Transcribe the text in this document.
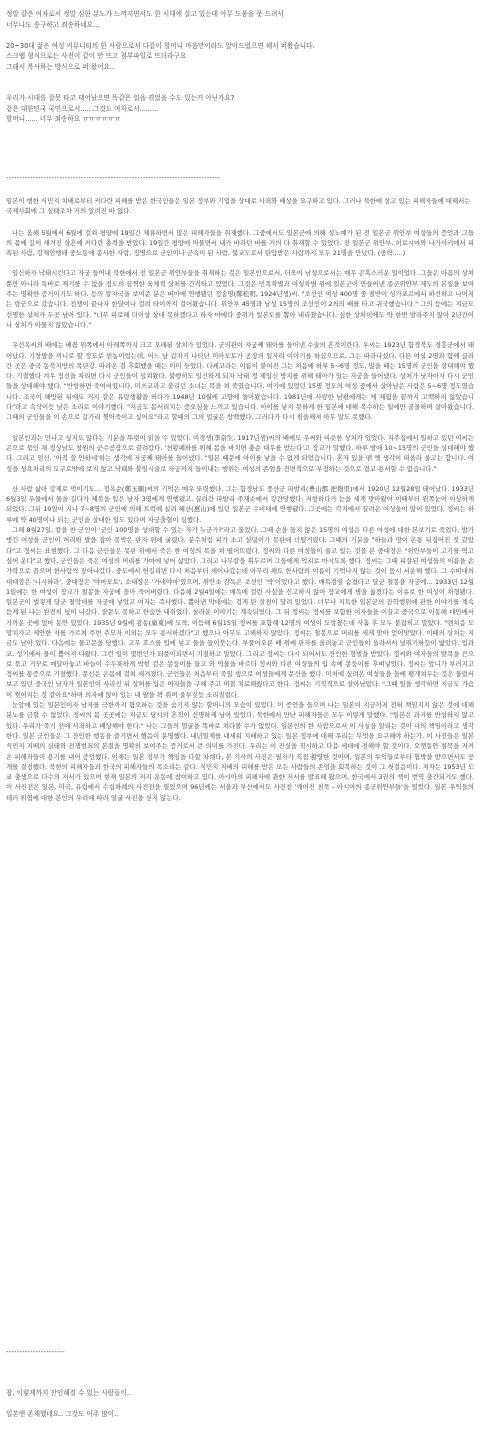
정말 같은 여자로서 정말 심한 분노가 느껴지면서도 한 시대에 살고 있는데 아무 도움을 못 드려서

너무나도 송구하고 죄송하네요...

20~30대 젊은 여성 커뮤니티의 한 사람으로서 다같이 할머니 마음만이라도 알아드렸으면 해서 퍼왔습니다.

스크랩 형식으로는 사진이 같이 안 뜨고 첨부파일로 뜨더라구요

그래서 복사하는 방식으로 퍼 왔어요..

우리가 시대를 잘못 타고 태어났으면 똑같은 일을 겪었을 수도 있는거 아닌가요?

같은 대한민국 국민으로서..... 그것도 여자로서.........

할머니...... 너무 죄송하요 ㅠㅠㅠㅠㅠㅠ

--------------------------------------------------------------------------------

일본이 행한 식민지 치배로부터 커다란 피해를 받은 한국인들은 일본 정부와 기업을 상대로 사죄와 배상을 요구하고 있다. 그러나 북한에 살고 있는 피해자들에 대해서는 국제사회에 그 실태조차 거의 알려진 바 없다.

나는 올해 5월에서 6월에 걸쳐 평양에 19일간 체류하면서 많은 피해자들을 취재했다. 그중에서도 일본군에 의해 성노예가 된 전 일본군 위안부 여성들의 증언과 그들의 몸에 깊이 새겨진 상흔에 커다란 충격을 받았다. 19일간 평양에 머물면서 내가 바라던 바를 거의 다 취재할 수 있었다. 전 일본군 위안부, 히로시마와 나가사키에서 피폭된 사람, 강제연행돼 중노동에 종사한 사람, 징병으로 군인이나 군속이 된 사람, 불교도로서 탄압받은 사람까지 모두 21명을 만났다. (중략.....)

임신하자 낙태시킨다고 자궁 들어내 북한에서 전 일본군 위안부들을 취재하는 것은 일본인으로서, 더욱이 남성으로서는 매우 곤혹스러운 일이었다. 그들은 아픔의 상처뿐만 아니라 특바로 재거를 수 없을 정도의 끔찍한 육체적 상처를 간직하고 있었다. 그것은 민족차별과 여성차별 위에 일본군이 만들어낸 종군위안부 제도의 본질을 보여주는 명확한 증거이기도 하다. 등의 칼자국을 보여준 분은 버마에 연행됐던 정송명(鄭松明, 1924년생)씨. "조선인 여성 400명 중 절반이 싱가포르에서 하선하고 나머지는 랑군으로 갔습니다. 전쟁이 끝나자 한달이나 걸려 타이까지 걸어왔습니다. 위안부 45명과 남성 15명의 조선인이 2척의 배를 타고 귀국했습니다." 그의 등에는 지금도 선명한 상처가 두곳 남아 있다. "너무 피로해 더이상 상대 못하겠다고 하자 마에다 중위가 일본도를 뽑아 내리쳤습니다. 심한 상처이에도 약 한번 발라주지 않아 2년간이나 상처가 아물지 않았습니다."

우선옥씨의 배에는 배꼽 위쪽에서 아래쪽까지 크고 오래된 상처가 있었다. 군의관이 자궁째 태아를 들어낸 수술의 흔적이란다. 우씨는 1923년 함경북도 경흥군에서 태어났다. 기창발을 끼니로 할 정도로 빈농이었는데, 어느 날 갑자기 나타난 미아모토가 공장의 일자리 이야기를 하셨으므로, 그는 따라나섰다. 다른 여성 2명과 함께 끌려간 곳은 중국 동북지방의 목단강. 따라온 걸 후회했을 때는 이미 늦었다. 다케코라는 이름이 붙여진 그는 처음에 하루 5~6명 정도, 많을 때는 15명의 군인을 상대해야 했다. 기절했다 겨우 정신을 차리면 다시 군인들이 덮쳐왔다. 불행히도 임신하게 되자 낙태 경 제임신 방지를 위해 태아가 있는 자궁을 들어냈다. 상처가 낫자마자 다시 군인들을 상대해야 했다. "반항하면 죽여버렸니다. 미쓰코라고 불리던 소녀는 목을 쳐 죽였습니다. 여기에 있었던 15명 정도의 여성 중에서 살아남은 사람은 5~6명 정도였습니다. 조국이 해방된 뒤에도 거지 같은 유랑생활을 하다가 1948년 10월에 고향에 돌아왔습니다. 1981년에 사랑한 남편에게는 제 체험을 끝까지 고백하지 않았습니다"라고 속삭이듯 낮은 소리로 이야기했다. "지금도 몸서리치는 증오심을 느끼고 있습니다. 아이를 낳지 못하게 한 일본에 대해 복수하는 일에만 골몰하며 살아왔습니다. 그때의 군인들을 이 손으로 갈가리 찢어죽이고 싶어요"라고 할때의 그의 얼굴은 창백했다. 그러다가 다시 침울해져 아무 말도 못했다.

일본인과는 만나고 싶지도 않다는 기분을 뚜렷이 읽을 수 있었다. 이경생(李京生, 1917년생)씨의 배에도 우씨와 비슷한 상처가 있었다. 지주집에서 일하고 있던 이씨는 곤으로 묶인 채 경상남도 창원의 군수공장으로 끌려갔다. '천황폐하를 위해 몸을 바치면 충순 대우를 받는다'고 장교가 말했다. 하루 밤에 10~15명의 군인을 상대해야 했다. 그리고 임신. '아직 쓸 만하네'하는 생각에 자궁째 태아를 들어냈다. "일본 때문에 아이를 낳을 수 없게 되었습니다. 혼자 있을 땐 옛 생각이 떠올라 울고는 합니다. 여성을 성욕처리의 도구로밖에 보지 않고 낙태와 불임시술로 자궁까지 들어내는 행위는 여성의 존엄을 전면적으로 부정하는 것으로 결코 용서할 수 없습니다."

산 사람 삶아 강제로 먹이기도… 정옥순(鄭玉順)씨의 기억은 매우 또렷했다. 그는 함경남도 풍산군 파발리(豊山郡 把撥里)에서 1920년 12월28일 태어났다. 1933년 6월3일 우물에서 물을 길다가 제복을 입은 남자 3명에게 연행됐고, 끌려간 파발리 주재소에서 강간당했다. 저항하다가 눈을 세게 맞아왔어 이때부터 왼쪽눈이 이상하게 되었다. 그뒤 10일이 지나 7~8명의 군인에 의해 트럭에 실려 혜산(惠山)에 있던 일본군 수비대에 연행됐다. 그곳에는 각지에서 끌려온 여성들이 많이 있었다. 정씨는 하루에 약 40명이나 되는 군인을 상대한 일도 있다며 자궁출혈이 심했다.

그해 8월27일, 칼을 찬 군인이 '군인 100명을 상대할 수 있는 자가 누군가?'라고 물었다. 그때 손을 들지 않은 15명의 여성은 다른 여성에 대한 본보기로 죽었다. 발가벗긴 여성을 군인이 머리와 발을 잡아 못박은 판자 위에 굴렸다. 분수처럼 피가 소고 살덩이가 못판에 너덜거렸다. 그때의 기분을 "하늘과 땅이 온통 뒤집어진 것 같았다"고 정씨는 표현했다. 그 다음 군인들은 못판 위에서 죽은 한 여성의 목을 쳐 떨어뜨렸다. 정씨와 다른 여성들이 울고 있는 것을 본 중대장은 "위안부들이 고기를 먹고 싶어 운다"고 했다. 군인들은 죽은 여성의 머리를 가마에 넣어 삶았다. 그리고 나무칼을 휘두르며 그들에게 억지로 마시도록 했다. 정씨는 그때 피살된 여성들의 이름을 손가락으로 꼽으며 한사람씩 짚어나갔다. 중도에서 헌길리면 다시 처음부터 세어나갔는데 아무리 해도 한사람의 이름이 기억나지 않는 것이 몹시 서운해 했다. 그 수비대의 대대장은 '니시하라', 중대장은 '야마모토', 소대장은 '가네야마'였으며, 위안소 감독은 조선인 '박'이었다고 했다. 매독검열 숨겼다고 달군 철봉을 자궁에… 1933년 12월1일에는 한 여성이 장교가 철봉을 자궁에 꽂아 죽어버렸다. 다음해 2월4일에는 매독에 걸린 사실을 신고하지 않아 장교에게 병을 옮겼다는 이유로 한 여성이 처형됐다. 일본군이 벌겋게 달군 철막대를 자궁에 넣었고 여자는 즉사했다. 뽑아낸 막대에는 검게 탄 살점이 달려 있었다. 너무나 지독한 일본군의 잔학행위에 관한 이야기를 계속 듣게 된 나는 완전히 넋이 나갔다. 잘문도 못하고 한숨만 내쉬었다. 놀라운 이야기는 계속되었다. 그 뒤 정씨는 정씨를 포함한 여자들을 이끌고 중국으로 이동해 대만에서 가까운 곳에 얼마 동안 있었다. 1935년 9월에 광동(廣東)에 도착, 이듬해 6월15일 정씨를 포함해 12명의 여성이 도망쳤는데 사흘 후 모두 붙잡히고 말았다. "맨처음 도망치자고 제안한 자를 가르쳐 주면 주모자 이외는 모두 용서하겠다"고 했으나 아무도 고해하지 않았다. 정씨는 철봉으로 머리를 세게 맞아 얻어맞았다. 이때의 상처는 지금도 남아 있다. 다음에는 물고문을 당했다. 고무 호스를 입에 넣고 물을 들이붓는다. 부풀어오른 배 위에 판자를 올려놓고 군인들이 올라서서 널뛰기하듯이 밟았다. 입과 코, 성기에서 물이 뿜어져 나왔다. 그런 일이 몇번인가 되풀이되면서 기절하고 말았다. 그리고 정씨는 다시 되어서도 잔인한 형벌을 받았다. 정씨와 여자들의 발목을 끈으로 묶고 거꾸로 매달아놓고 바늘이 수두룩하게 박힌 검은 몽둥이를 들고 와 먹물을 바르더 정씨와 다른 여성들의 입 속에 몽둥이를 후벼넣었다. 정씨는 앞니가 부러지고 정씨를 통증으로 기절했다. 문신은 온몸에 걸쳐 새겨졌다. 군인들은 처음부터 죽일 생으로 여성들에게 문신을 했다. 미처에 실려온 여성들을 들에 팽개쳐두는 것은 물렀서 보고 있던 중국인 남자가 일본인이 사라진 뒤 상처를 입은 여자들을 구해 주고 며칠 치료해줬다고 한다. 정씨는 기적적으로 살아남았다. "그때 일을 생각하면 지금도 가슴이 찢어지는 것 같아요"하며 의자에 앉아 있는 내 팔을 꽉 쥐며 울부짖듯 소리질렀다.

눈앞에 있는 일본인이자 남자를 극한까지 혐오하는 것을 숨기지 않는 할머니의 모습이 있었다. 이 증언을 들으며 나는 일본이 지금까지 전혀 책임지지 않은 것에 대해 분노를 금할 수 없었다. 정씨의 몸 곳곳에는 지금도 당시의 흔적이 선명하게 남아 있었다. 북한에서 만난 피해자들은 모두 이렇게 말했다. "일본은 과거를 반성하지 않고 있다. 우리가 죽기 전에 사죄하고 배상해야 한다." 나는 그들의 얼굴을 똑바로 쳐다볼 수가 없었다. 일본인의 한 사람으로서 이 사실을 알리는 것이 나의 책임이라고 생각한다. 일본 군인들은 그 잔인한 행동을 즐기면서 했음이 분명했다. 내년일제를 내세워 지배하고 있는 일본 정부에 대해 우리는 무엇을 요구해야 하는가. 이 사진들은 일본 식민지 지배의 실태와 전쟁범죄의 본질을 명확히 보여주는 증거로서 큰 의미를 가진다. 우리는 이 진실을 직시하고 다음 세대에 전해야 할 것이다. 오랫동안 침묵을 지켜온 피해자들이 용기를 내어 증언했다. 이제는 일본 정부가 책임을 다할 차례다. 본 기사의 사진은 필자가 직접 촬영한 것이며, 일본의 우익들로부터 협박을 받으면서도 공개를 결정했다. 북한의 피해자들과 한국의 피해자들의 목소리는 같다. 식민지 지배의 피해를 받은 모든 사람들의 존엄을 회복하는 것이 그 첫걸음이다. 저자는 1953년 도쿄 출생으로 다수의 저서가 있으며 현재 일본의 저지 운동에 참여하고 있다. 아시아의 피해자에 관한 저서를 발표해 왔으며, 한국에서 3권의 책이 번역 출간되기도 했다. 이 사진전은 일본, 미국, 유럽에서 수십차례의 사진전을 열었으며 96년에는 서울과 부산에서도 사진전 '깨어진 침묵 - 아시아의 종군위안부들'을 열었다. 일본 우익들의 테러 위협에 대한 본인의 우려에 따라 얼굴 사진을 싣지 않는다.

----------------------

참. 이렇게까지 잔인해질 수 있는 사람들이..

일본엔 존재했네요.. 그것도 아주 많이..
